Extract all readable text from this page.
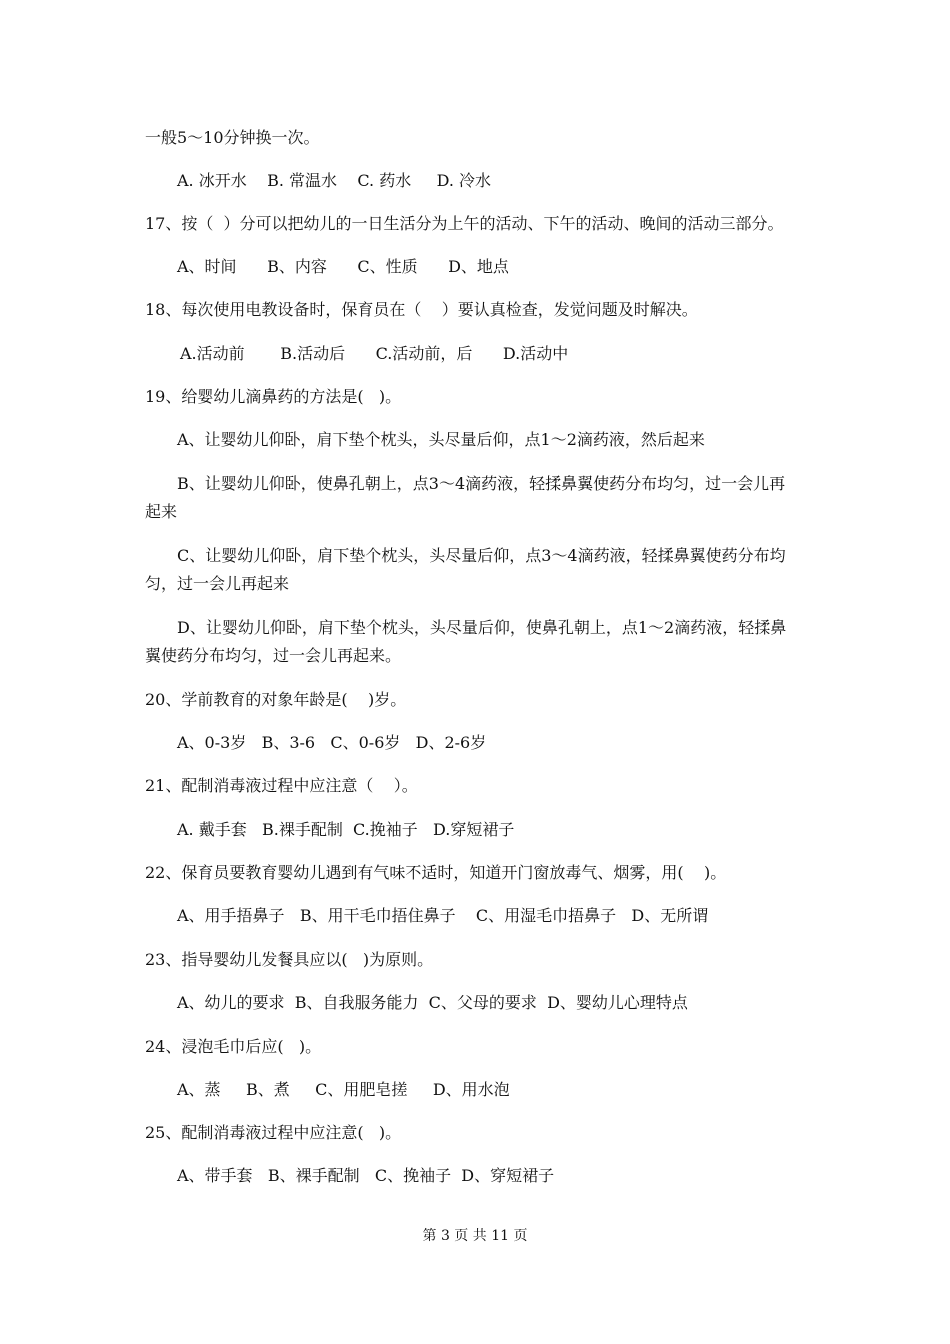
一般5～10分钟换一次。
A. 冰开水    B. 常温水    C. 药水     D. 冷水
17、按（  ）分可以把幼儿的一日生活分为上午的活动、下午的活动、晚间的活动三部分。
A、时间      B、内容      C、性质      D、地点
18、每次使用电教设备时，保育员在（    ）要认真检查，发觉问题及时解决。
A.活动前       B.活动后      C.活动前，后      D.活动中
19、给婴幼儿滴鼻药的方法是(   )。
A、让婴幼儿仰卧，肩下垫个枕头，头尽量后仰，点1～2滴药液，然后起来
B、让婴幼儿仰卧，使鼻孔朝上，点3～4滴药液，轻揉鼻翼使药分布均匀，过一会儿再
起来
C、让婴幼儿仰卧，肩下垫个枕头，头尽量后仰，点3～4滴药液，轻揉鼻翼使药分布均
匀，过一会儿再起来
D、让婴幼儿仰卧，肩下垫个枕头，头尽量后仰，使鼻孔朝上，点1～2滴药液，轻揉鼻
翼使药分布均匀，过一会儿再起来。
20、学前教育的对象年龄是(    )岁。
A、0-3岁   B、3-6   C、0-6岁   D、2-6岁
21、配制消毒液过程中应注意（    ）。
A. 戴手套   B.裸手配制  C.挽袖子   D.穿短裙子
22、保育员要教育婴幼儿遇到有气味不适时，知道开门窗放毒气、烟雾，用(    )。
A、用手捂鼻子   B、用干毛巾捂住鼻子    C、用湿毛巾捂鼻子   D、无所谓
23、指导婴幼儿发餐具应以(   )为原则。
A、幼儿的要求  B、自我服务能力  C、父母的要求  D、婴幼儿心理特点
24、浸泡毛巾后应(   )。
A、蒸     B、煮     C、用肥皂搓     D、用水泡
25、配制消毒液过程中应注意(   )。
A、带手套   B、裸手配制   C、挽袖子  D、穿短裙子
第 3 页 共 11 页
